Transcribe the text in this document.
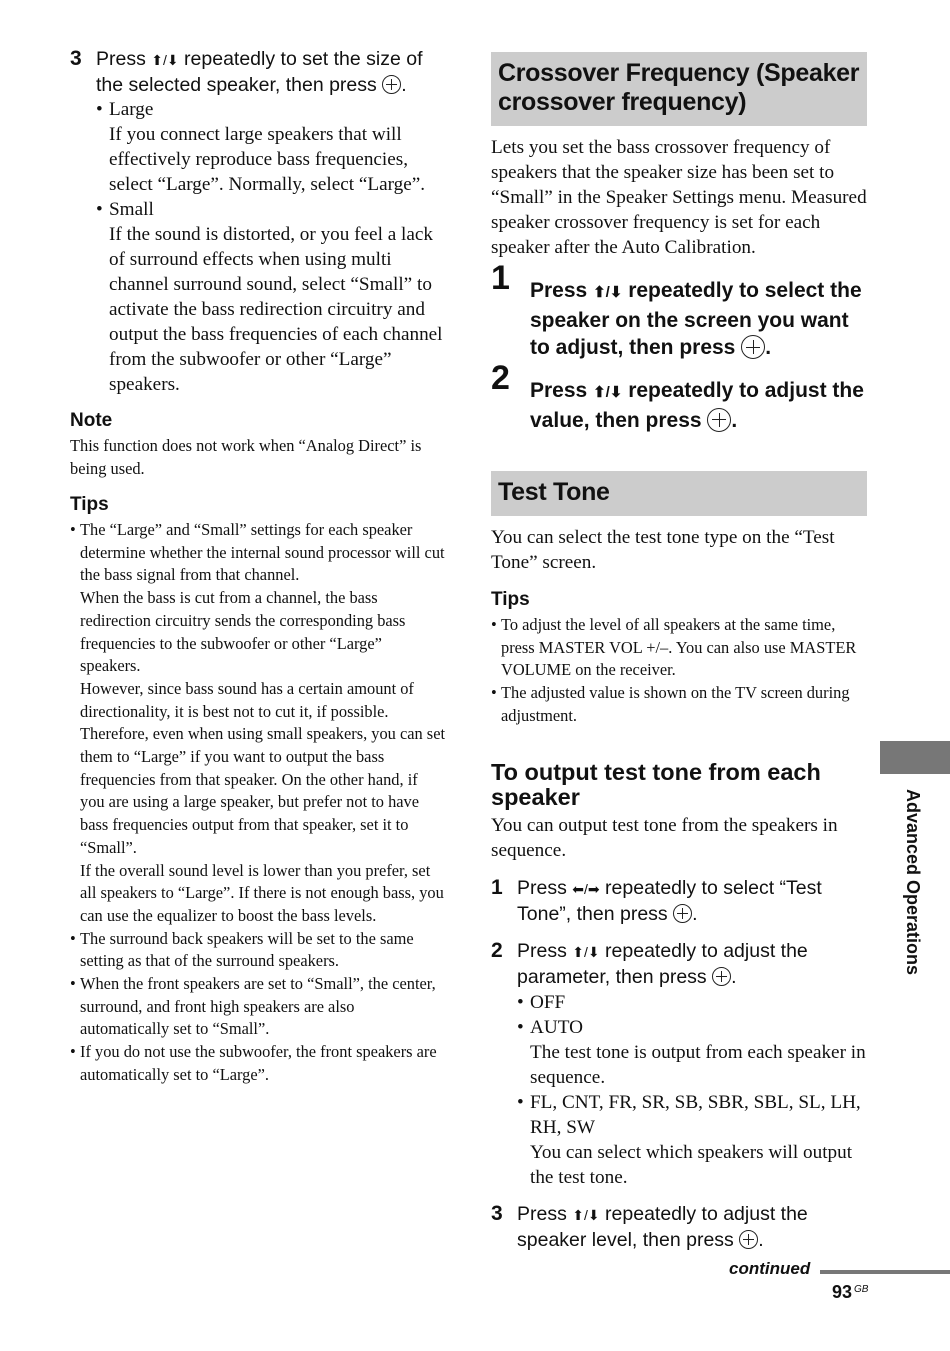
3 Press ⬆/⬇ repeatedly to set the size of the selected speaker, then press .
• Large
If you connect large speakers that will effectively reproduce bass frequencies, select “Large”. Normally, select “Large”.
• Small
If the sound is distorted, or you feel a lack of surround effects when using multi channel surround sound, select “Small” to activate the bass redirection circuitry and output the bass frequencies of each channel from the subwoofer or other “Large” speakers.
Note
This function does not work when “Analog Direct” is being used.
Tips
• The “Large” and “Small” settings for each speaker determine whether the internal sound processor will cut the bass signal from that channel.
When the bass is cut from a channel, the bass redirection circuitry sends the corresponding bass frequencies to the subwoofer or other “Large” speakers.
However, since bass sound has a certain amount of directionality, it is best not to cut it, if possible. Therefore, even when using small speakers, you can set them to “Large” if you want to output the bass frequencies from that speaker. On the other hand, if you are using a large speaker, but prefer not to have bass frequencies output from that speaker, set it to “Small”.
If the overall sound level is lower than you prefer, set all speakers to “Large”. If there is not enough bass, you can use the equalizer to boost the bass levels.
• The surround back speakers will be set to the same setting as that of the surround speakers.
• When the front speakers are set to “Small”, the center, surround, and front high speakers are also automatically set to “Small”.
• If you do not use the subwoofer, the front speakers are automatically set to “Large”.
Crossover Frequency (Speaker crossover frequency)
Lets you set the bass crossover frequency of speakers that the speaker size has been set to “Small” in the Speaker Settings menu. Measured speaker crossover frequency is set for each speaker after the Auto Calibration.
1 Press ⬆/⬇ repeatedly to select the speaker on the screen you want to adjust, then press .
2 Press ⬆/⬇ repeatedly to adjust the value, then press .
Test Tone
You can select the test tone type on the “Test Tone” screen.
Tips
• To adjust the level of all speakers at the same time, press MASTER VOL +/–. You can also use MASTER VOLUME on the receiver.
• The adjusted value is shown on the TV screen during adjustment.
To output test tone from each speaker
You can output test tone from the speakers in sequence.
1 Press ⬅/➡ repeatedly to select “Test Tone”, then press .
2 Press ⬆/⬇ repeatedly to adjust the parameter, then press .
• OFF
• AUTO
The test tone is output from each speaker in sequence.
• FL, CNT, FR, SR, SB, SBR, SBL, SL, LH, RH, SW
You can select which speakers will output the test tone.
3 Press ⬆/⬇ repeatedly to adjust the speaker level, then press .
Advanced Operations
continued
93 $^{GB}$
